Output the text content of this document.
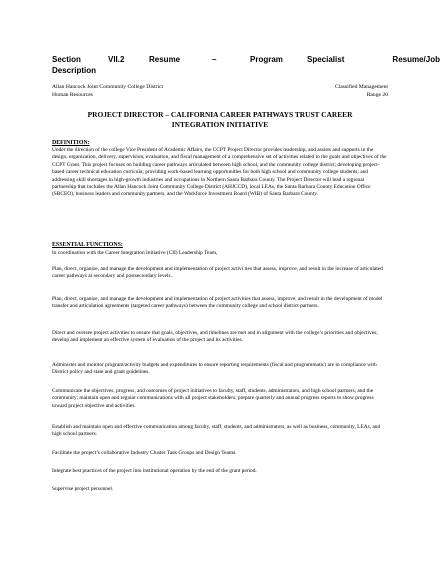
Section	VII.2	Resume	–	Program	Specialist	Resume/Job
Description
Allan Hancock Joint Community College District
Human Resources
Classified Management
Range 20
PROJECT DIRECTOR – CALIFORNIA CAREER PATHWAYS TRUST CAREER
INTEGRATION INITIATIVE
DEFINITION:

Under the direction of the college Vice President of Academic Affairs, the CCPT Project Director provides leadership, and assists and supports in the design, organization, delivery, supervision, evaluation, and fiscal management of a comprehensive set of activities related to the goals and objectives of the CCPT Grant. This project focuses on building career pathways articulated between high school, and the community college district; developing project-based career technical education curricula; providing work-based learning opportunities for both high school and community college students; and addressing skill shortages in high-growth industries and occupations in Northern Santa Barbara County. The Project Director will lead a regional partnership that includes the Allan Hancock Joint Community College District (AHJCCD), local LEAs, the Santa Barbara County Education Office (SBCEO), business leaders and community partners, and the Workforce Investment Board (WIB) of Santa Barbara County.

ESSENTIAL FUNCTIONS:

In coordination with the Career Integration Initiative (CII) Leadership Team,

Plan, direct, organize, and manage the development and implementation of project activi ties that assess, improve, and result in the increase of articulated career pathways at secondary and postsecondary levels.

Plan, direct, organize, and manage the development and implementation of project activities that assess, improve, and result in the development of model transfer and articulation agreements (targeted career pathways) between the community college and school district partners.

Direct and oversee project activities to ensure that goals, objectives, and timelines are met and in alignment with the college’s priorities and objectives; develop and implement an effective system of evaluation of the project and its activities.

Administer and monitor program/activity budgets and expenditures to ensure reporting requirements (fiscal and programmatic) are in compliance with District policy and state and grant guidelines.

Communicate the objectives, progress, and outcomes of project initiatives to faculty, staff, students, administrators, and high school partners, and the community; maintain open and regular communications with all project stakeholders; prepare quarterly and annual progress reports to show progress toward project objective and activities.

Establish and maintain open and effective communication among faculty, staff, students, and administrators, as well as business, community, LEAs, and high school partners.

Facilitate the project’s collaborative Industry Cluster Task Groups and Design Teams.

Integrate best practices of the project into institutional operation by the end of the grant period.

Supervise project personnel.
